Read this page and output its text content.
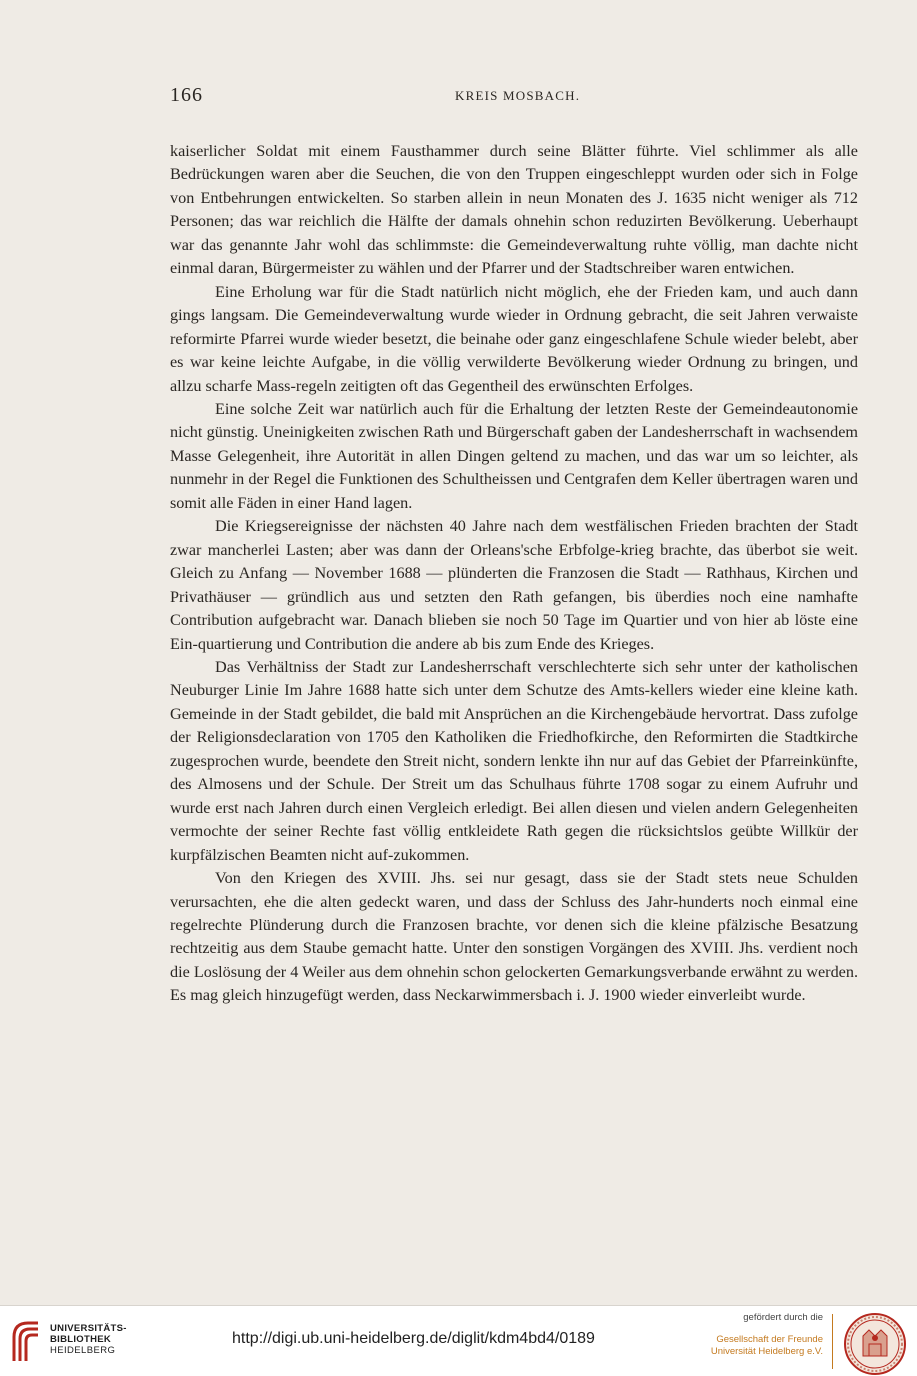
166	KREIS MOSBACH.

kaiserlicher Soldat mit einem Fausthammer durch seine Blätter führte. Viel schlimmer als alle Bedrückungen waren aber die Seuchen, die von den Truppen eingeschleppt wurden oder sich in Folge von Entbehrungen entwickelten. So starben allein in neun Monaten des J. 1635 nicht weniger als 712 Personen; das war reichlich die Hälfte der damals ohnehin schon reduzirten Bevölkerung. Ueberhaupt war das genannte Jahr wohl das schlimmste: die Gemeindeverwaltung ruhte völlig, man dachte nicht einmal daran, Bürgermeister zu wählen und der Pfarrer und der Stadtschreiber waren entwichen.

Eine Erholung war für die Stadt natürlich nicht möglich, ehe der Frieden kam, und auch dann gings langsam. Die Gemeindeverwaltung wurde wieder in Ordnung gebracht, die seit Jahren verwaiste reformirte Pfarrei wurde wieder besetzt, die beinahe oder ganz eingeschlafene Schule wieder belebt, aber es war keine leichte Aufgabe, in die völlig verwilderte Bevölkerung wieder Ordnung zu bringen, und allzu scharfe Mass-regeln zeitigten oft das Gegentheil des erwünschten Erfolges.

Eine solche Zeit war natürlich auch für die Erhaltung der letzten Reste der Gemeindeautonomie nicht günstig. Uneinigkeiten zwischen Rath und Bürgerschaft gaben der Landesherrschaft in wachsendem Masse Gelegenheit, ihre Autorität in allen Dingen geltend zu machen, und das war um so leichter, als nunmehr in der Regel die Funktionen des Schultheissen und Centgrafen dem Keller übertragen waren und somit alle Fäden in einer Hand lagen.

Die Kriegsereignisse der nächsten 40 Jahre nach dem westfälischen Frieden brachten der Stadt zwar mancherlei Lasten; aber was dann der Orleans'sche Erbfolge-krieg brachte, das überbot sie weit. Gleich zu Anfang — November 1688 — plünderten die Franzosen die Stadt — Rathhaus, Kirchen und Privathäuser — gründlich aus und setzten den Rath gefangen, bis überdies noch eine namhafte Contribution aufgebracht war. Danach blieben sie noch 50 Tage im Quartier und von hier ab löste eine Ein-quartierung und Contribution die andere ab bis zum Ende des Krieges.

Das Verhältniss der Stadt zur Landesherrschaft verschlechterte sich sehr unter der katholischen Neuburger Linie Im Jahre 1688 hatte sich unter dem Schutze des Amts-kellers wieder eine kleine kath. Gemeinde in der Stadt gebildet, die bald mit Ansprüchen an die Kirchengebäude hervortrat. Dass zufolge der Religionsdeclaration von 1705 den Katholiken die Friedhofkirche, den Reformirten die Stadtkirche zugesprochen wurde, beendete den Streit nicht, sondern lenkte ihn nur auf das Gebiet der Pfarreinkünfte, des Almosens und der Schule. Der Streit um das Schulhaus führte 1708 sogar zu einem Aufruhr und wurde erst nach Jahren durch einen Vergleich erledigt. Bei allen diesen und vielen andern Gelegenheiten vermochte der seiner Rechte fast völlig entkleidete Rath gegen die rücksichtslos geübte Willkür der kurpfälzischen Beamten nicht auf-zukommen.

Von den Kriegen des XVIII. Jhs. sei nur gesagt, dass sie der Stadt stets neue Schulden verursachten, ehe die alten gedeckt waren, und dass der Schluss des Jahr-hunderts noch einmal eine regelrechte Plünderung durch die Franzosen brachte, vor denen sich die kleine pfälzische Besatzung rechtzeitig aus dem Staube gemacht hatte. Unter den sonstigen Vorgängen des XVIII. Jhs. verdient noch die Loslösung der 4 Weiler aus dem ohnehin schon gelockerten Gemarkungsverbande erwähnt zu werden. Es mag gleich hinzugefügt werden, dass Neckarwimmersbach i. J. 1900 wieder einverleibt wurde.

UNIVERSITÄTS-
BIBLIOTHEK
HEIDELBERG
http://digi.ub.uni-heidelberg.de/diglit/kdm4bd4/0189
gefördert durch die
Gesellschaft der Freunde
Universität Heidelberg e.V.
